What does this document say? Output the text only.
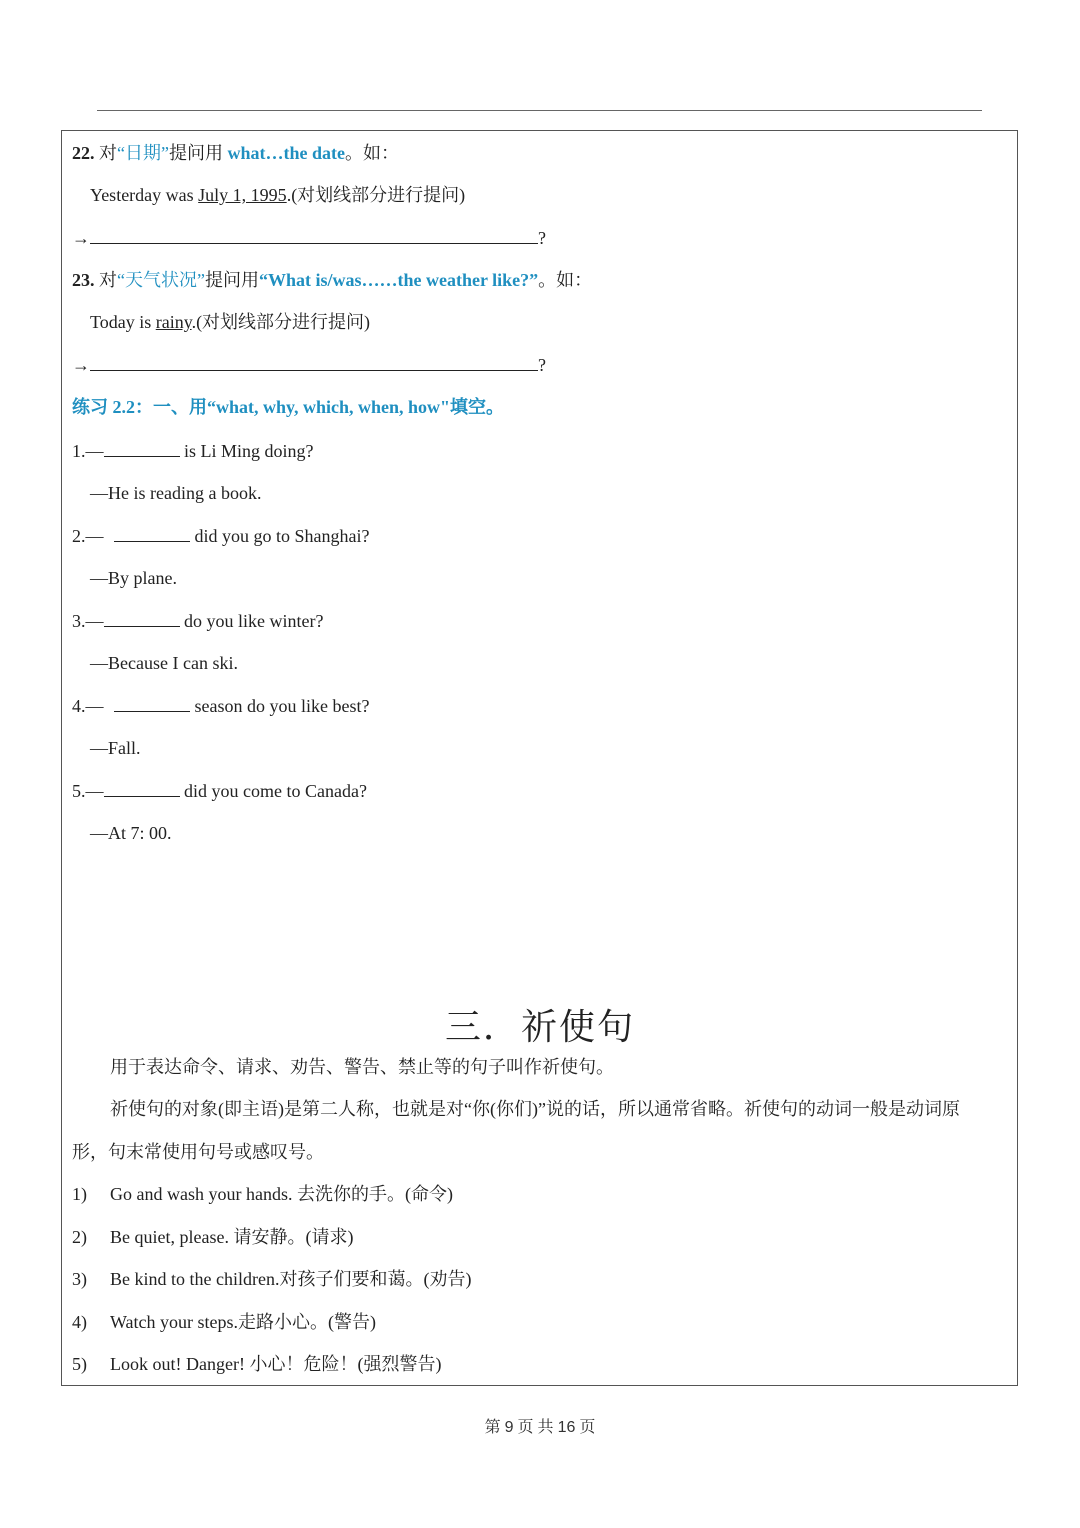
22. 对“日期”提问用 what…the date。如：
Yesterday was July 1, 1995.(对划线部分进行提问)
→	?
23. 对“天气状况”提问用“What is/was……the weather like?”。如：
Today is rainy.(对划线部分进行提问)
→	?
练习 2.2：一、用“what, why, which, when, how"填空。
1.—	is Li Ming doing?
—He is reading a book.
2.—	did you go to Shanghai?
—By plane.
3.—	do you like winter?
—Because I can ski.
4.—	season do you like best?
—Fall.
5.—	did you come to Canada?
—At 7: 00.
三．祈使句
用于表达命令、请求、劝告、警告、禁止等的句子叫作祈使句。
祈使句的对象(即主语)是第二人称，也就是对“你(你们)”说的话，所以通常省略。祈使句的动词一般是动词原
形，句末常使用句号或感叹号。
1) Go and wash your hands. 去洗你的手。(命令)
2) Be quiet, please. 请安静。(请求)
3) Be kind to the children.对孩子们要和蔼。(劝告)
4) Watch your steps.走路小心。(警告)
5) Look out! Danger! 小心！危险！(强烈警告)
第 9 页 共 16 页
